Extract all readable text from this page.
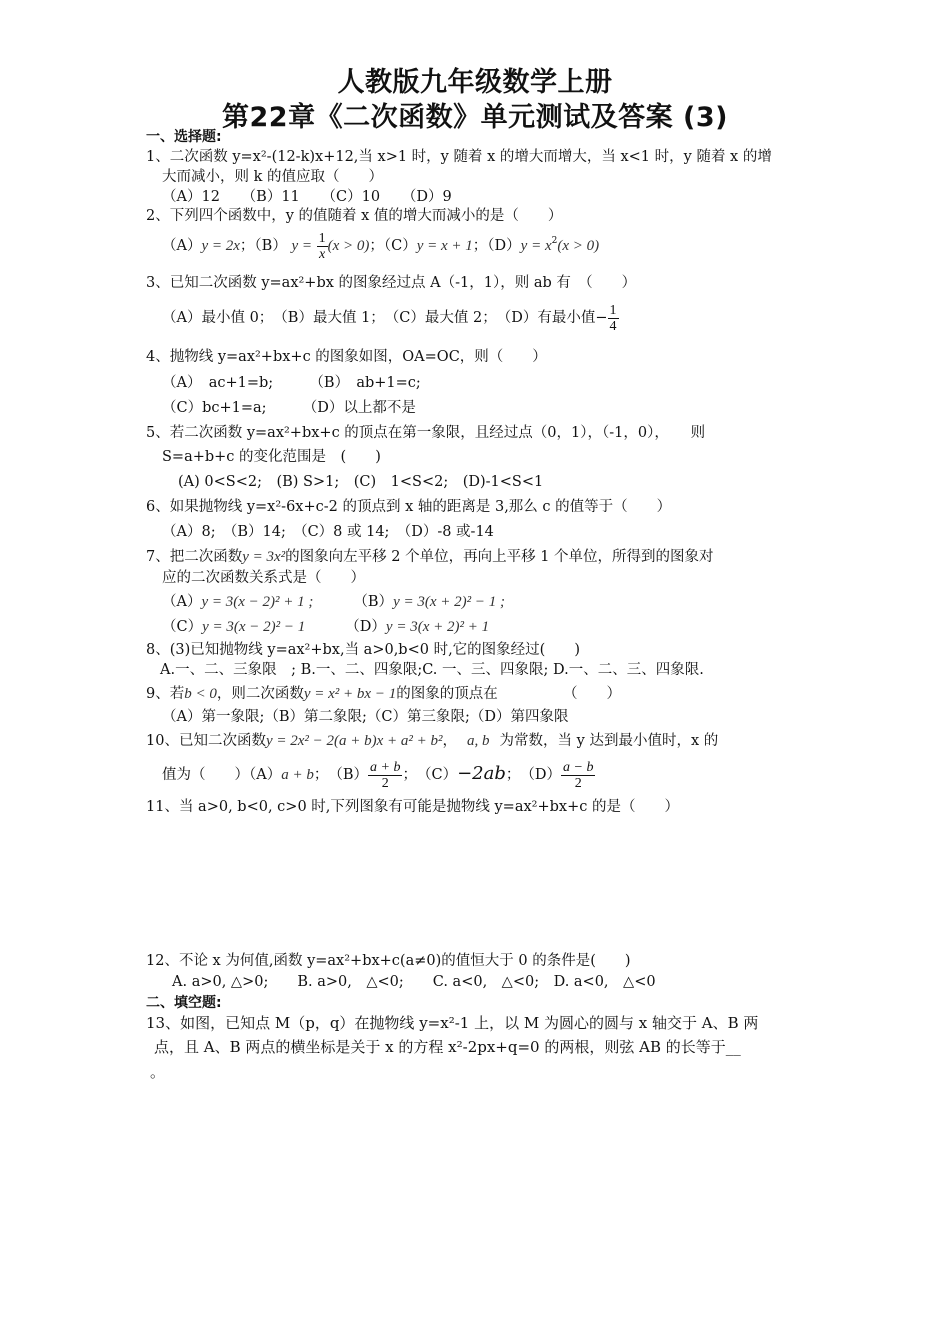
人教版九年级数学上册
第22章《二次函数》单元测试及答案 (3)
一、选择题:
1、二次函数 y=x²-(12-k)x+12,当 x>1 时，y 随着 x 的增大而增大，当 x<1 时，y 随着 x 的增
大而减小，则 k 的值应取（　　）
（A）12　　（B）11　　（C）10　　（D）9
2、下列四个函数中，y 的值随着 x 值的增大而减小的是（　　）
（A）y = 2x；（B） $y = \frac{1}{x} (x > 0)$；（C）y = x + 1；$(D)y = x^2(x > 0)$
3、已知二次函数 y=ax²+bx 的图象经过点 A（-1，1），则 ab 有　（　　）
（A）最小值 0；　（B）最大值 1；　（C）最大值 2；　（D）有最小值− $\frac{1}{4}$
4、抛物线 y=ax²+bx+c 的图象如图，OA=OC，则（　　）
（A）　ac+1=b;　　　（B）　ab+1=c;
（C）bc+1=a;　　　（D）以上都不是
5、若二次函数 y=ax²+bx+c 的顶点在第一象限，且经过点（0，1），（-1，0），　　则
S=a+b+c 的变化范围是　(　　)
(A) 0<S<2;　(B) S>1;　(C)　1<S<2;　(D)-1<S<1
6、如果抛物线 y=x²-6x+c-2 的顶点到 x 轴的距离是 3,那么 c 的值等于（　　）
（A）8;　（B）14;　（C）8 或 14;　（D）-8 或-14
7、把二次函数y = 3x²的图象向左平移 2 个单位，再向上平移 1 个单位，所得到的图象对
应的二次函数关系式是（　　）
（A）y = 3(x − 2)² + 1 ;	（B）y = 3(x + 2)² − 1 ;
（C）y = 3(x − 2)² − 1	（D）y = 3(x + 2)² + 1
8、(3)已知抛物线 y=ax²+bx,当 a>0,b<0 时,它的图象经过(　　)
A.一、二、三象限　; B.一、二、四象限;C. 一、三、四象限; D.一、二、三、四象限.
9、若b < 0，则二次函数y = x² + bx − 1的图象的顶点在　　　　　（　　）
（A）第一象限;（B）第二象限;（C）第三象限;（D）第四象限
10、已知二次函数y = 2x² − 2(a + b)x + a² + b²， a, b 为常数，当 y 达到最小值时，x 的
值为（　　）（A）a + b；　$(B) \frac{a + b}{2}$ ；　（C）−2ab；　$(D) \frac{a - b}{2}$
11、当 a>0, b<0, c>0 时,下列图象有可能是抛物线 y=ax²+bx+c 的是（　　）
12、不论 x 为何值,函数 y=ax²+bx+c(a≠0)的值恒大于 0 的条件是(　　)
A. a>0, △>0;　　B. a>0,　△<0;　　C. a<0,　△<0;　D. a<0,　△<0
二、填空题:
13、如图，已知点 M（p，q）在抛物线 y=x²-1 上，以 M 为圆心的圆与 x 轴交于 A、B 两
点，且 A、B 两点的横坐标是关于 x 的方程 x²-2px+q=0 的两根，则弦 AB 的长等于__
。
